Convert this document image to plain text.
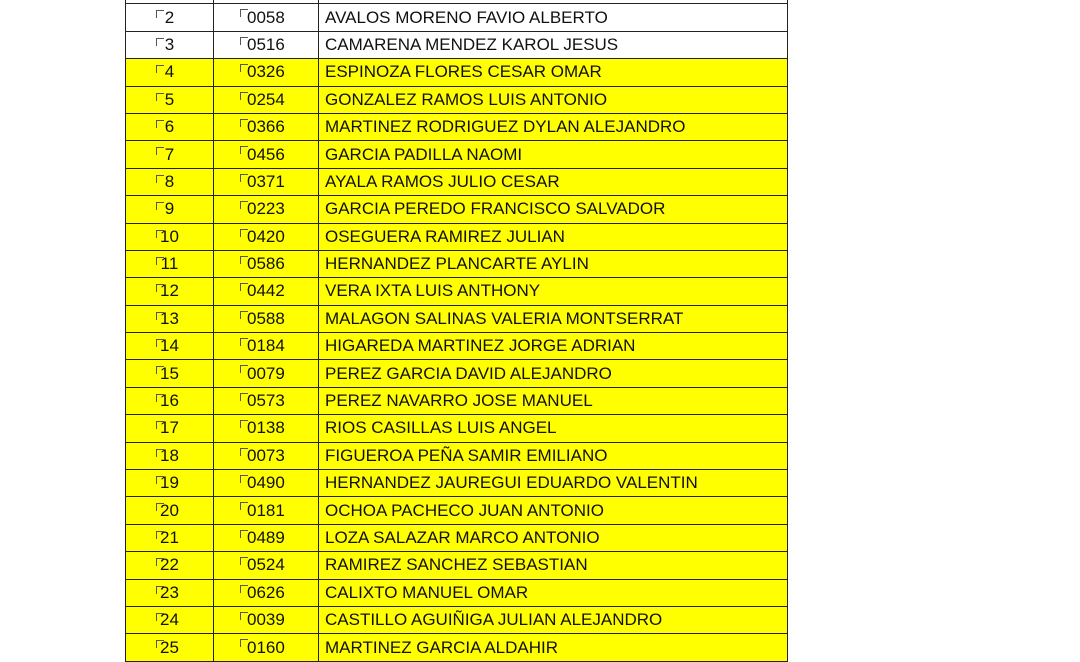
2	0058	AVALOS MORENO FAVIO ALBERTO
3	0516	CAMARENA MENDEZ KAROL JESUS
4	0326	ESPINOZA FLORES CESAR OMAR
5	0254	GONZALEZ RAMOS LUIS ANTONIO
6	0366	MARTINEZ RODRIGUEZ DYLAN ALEJANDRO
7	0456	GARCIA PADILLA NAOMI
8	0371	AYALA RAMOS JULIO CESAR
9	0223	GARCIA PEREDO FRANCISCO SALVADOR
10	0420	OSEGUERA RAMIREZ JULIAN
11	0586	HERNANDEZ PLANCARTE AYLIN
12	0442	VERA IXTA LUIS ANTHONY
13	0588	MALAGON SALINAS VALERIA MONTSERRAT
14	0184	HIGAREDA MARTINEZ JORGE ADRIAN
15	0079	PEREZ GARCIA DAVID ALEJANDRO
16	0573	PEREZ NAVARRO JOSE MANUEL
17	0138	RIOS CASILLAS LUIS ANGEL
18	0073	FIGUEROA PEÑA SAMIR EMILIANO
19	0490	HERNANDEZ JAUREGUI EDUARDO VALENTIN
20	0181	OCHOA PACHECO JUAN ANTONIO
21	0489	LOZA SALAZAR MARCO ANTONIO
22	0524	RAMIREZ SANCHEZ SEBASTIAN
23	0626	CALIXTO MANUEL OMAR
24	0039	CASTILLO AGUIÑIGA JULIAN ALEJANDRO
25	0160	MARTINEZ GARCIA ALDAHIR
